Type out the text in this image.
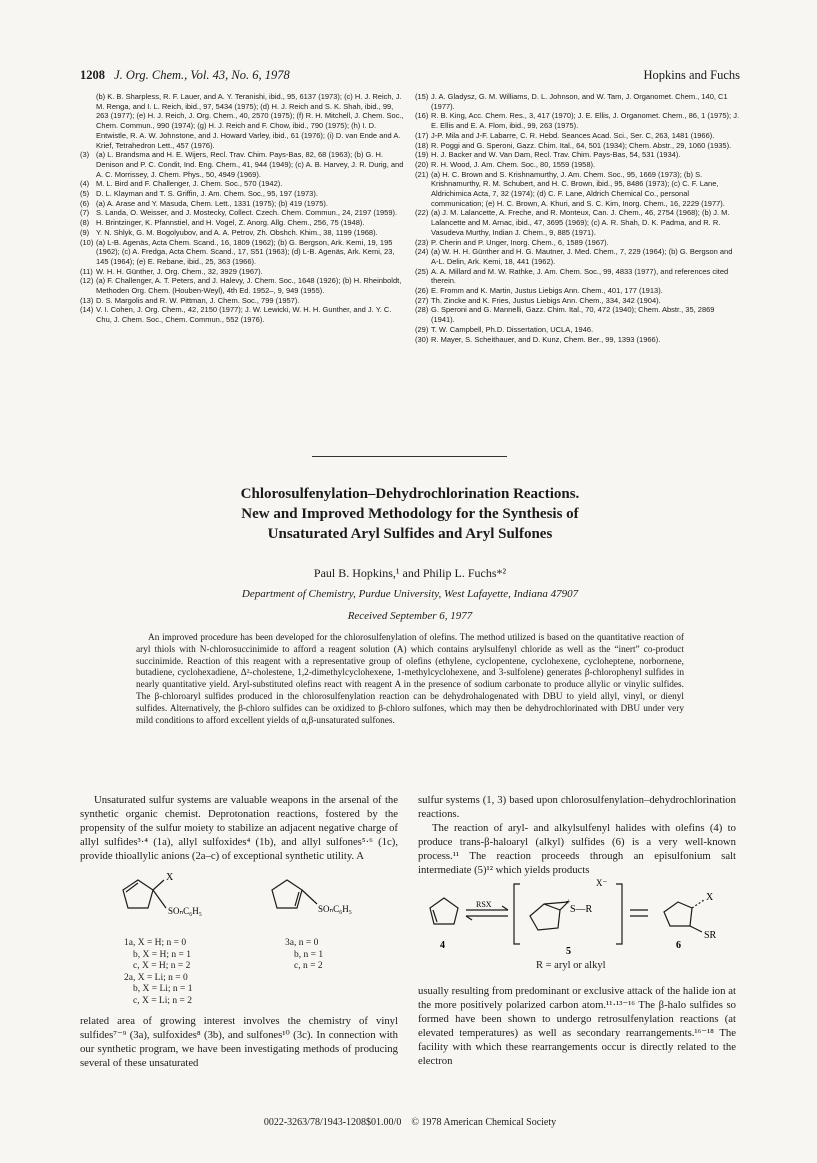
1208 J. Org. Chem., Vol. 43, No. 6, 1978	Hopkins and Fuchs
(b) K. B. Sharpless, R. F. Lauer, and A. Y. Teranishi, ibid., 95, 6137 (1973); (c) H. J. Reich, J. M. Renga, and I. L. Reich, ibid., 97, 5434 (1975); (d) H. J. Reich and S. K. Shah, ibid., 99, 263 (1977); (e) H. J. Reich, J. Org. Chem., 40, 2570 (1975); (f) R. H. Mitchell, J. Chem. Soc., Chem. Commun., 990 (1974); (g) H. J. Reich and F. Chow, ibid., 790 (1975); (h) I. D. Entwistle, R. A. W. Johnstone, and J. Howard Varley, ibid., 61 (1976); (i) D. van Ende and A. Krief, Tetrahedron Lett., 457 (1976).
(3) (a) L. Brandsma and H. E. Wijers, Recl. Trav. Chim. Pays-Bas, 82, 68 (1963); (b) G. H. Denison and P. C. Condit, Ind. Eng. Chem., 41, 944 (1949); (c) A. B. Harvey, J. R. Durig, and A. C. Morrissey, J. Chem. Phys., 50, 4949 (1969).
(4) M. L. Bird and F. Challenger, J. Chem. Soc., 570 (1942).
(5) D. L. Klayman and T. S. Griffin, J. Am. Chem. Soc., 95, 197 (1973).
(6) (a) A. Arase and Y. Masuda, Chem. Lett., 1331 (1975); (b) 419 (1975).
(7) S. Landa, O. Weisser, and J. Mostecky, Collect. Czech. Chem. Commun., 24, 2197 (1959).
(8) H. Brintzinger, K. Pfannstiel, and H. Vogel, Z. Anorg. Allg. Chem., 256, 75 (1948).
(9) Y. N. Shlyk, G. M. Bogolyubov, and A. A. Petrov, Zh. Obshch. Khim., 38, 1199 (1968).
(10) (a) L-B. Agenäs, Acta Chem. Scand., 16, 1809 (1962); (b) G. Bergson, Ark. Kemi, 19, 195 (1962); (c) A. Fredga, Acta Chem. Scand., 17, S51 (1963); (d) L-B. Agenäs, Ark. Kemi, 23, 145 (1964); (e) E. Rebane, ibid., 25, 363 (1966).
(11) W. H. H. Günther, J. Org. Chem., 32, 3929 (1967).
(12) (a) F. Challenger, A. T. Peters, and J. Halevy, J. Chem. Soc., 1648 (1926); (b) H. Rheinboldt, Methoden Org. Chem. (Houben-Weyl), 4th Ed. 1952–, 9, 949 (1955).
(13) D. S. Margolis and R. W. Pittman, J. Chem. Soc., 799 (1957).
(14) V. I. Cohen, J. Org. Chem., 42, 2150 (1977); J. W. Lewicki, W. H. H. Gunther, and J. Y. C. Chu, J. Chem. Soc., Chem. Commun., 552 (1976).
(15) J. A. Gladysz, G. M. Williams, D. L. Johnson, and W. Tam, J. Organomet. Chem., 140, C1 (1977).
(16) R. B. King, Acc. Chem. Res., 3, 417 (1970); J. E. Ellis, J. Organomet. Chem., 86, 1 (1975); J. E. Ellis and E. A. Flom, ibid., 99, 263 (1975).
(17) J-P. Mila and J-F. Labarre, C. R. Hebd. Seances Acad. Sci., Ser. C, 263, 1481 (1966).
(18) R. Poggi and G. Speroni, Gazz. Chim. Ital., 64, 501 (1934); Chem. Abstr., 29, 1060 (1935).
(19) H. J. Backer and W. Van Dam, Recl. Trav. Chim. Pays-Bas, 54, 531 (1934).
(20) R. H. Wood, J. Am. Chem. Soc., 80, 1559 (1958).
(21) (a) H. C. Brown and S. Krishnamurthy, J. Am. Chem. Soc., 95, 1669 (1973); (b) S. Krishnamurthy, R. M. Schubert, and H. C. Brown, ibid., 95, 8486 (1973); (c) C. F. Lane, Aldrichimica Acta, 7, 32 (1974); (d) C. F. Lane, Aldrich Chemical Co., personal communication; (e) H. C. Brown, A. Khuri, and S. C. Kim, Inorg. Chem., 16, 2229 (1977).
(22) (a) J. M. Lalancette, A. Freche, and R. Monteux, Can. J. Chem., 46, 2754 (1968); (b) J. M. Lalancette and M. Arnac, ibid., 47, 3695 (1969); (c) A. R. Shah, D. K. Padma, and R. R. Vasudeva Murthy, Indian J. Chem., 9, 885 (1971).
(23) P. Cherin and P. Unger, Inorg. Chem., 6, 1589 (1967).
(24) (a) W. H. H. Günther and H. G. Mautner, J. Med. Chem., 7, 229 (1964); (b) G. Bergson and A-L. Delin, Ark. Kemi, 18, 441 (1962).
(25) A. A. Millard and M. W. Rathke, J. Am. Chem. Soc., 99, 4833 (1977), and references cited therein.
(26) E. Fromm and K. Martin, Justus Liebigs Ann. Chem., 401, 177 (1913).
(27) Th. Zincke and K. Fries, Justus Liebigs Ann. Chem., 334, 342 (1904).
(28) G. Speroni and G. Mannelli, Gazz. Chim. Ital., 70, 472 (1940); Chem. Abstr., 35, 2869 (1941).
(29) T. W. Campbell, Ph.D. Dissertation, UCLA, 1946.
(30) R. Mayer, S. Scheithauer, and D. Kunz, Chem. Ber., 99, 1393 (1966).
Chlorosulfenylation–Dehydrochlorination Reactions.
New and Improved Methodology for the Synthesis of
Unsaturated Aryl Sulfides and Aryl Sulfones
Paul B. Hopkins,¹ and Philip L. Fuchs*²
Department of Chemistry, Purdue University, West Lafayette, Indiana 47907
Received September 6, 1977
An improved procedure has been developed for the chlorosulfenylation of olefins. The method utilized is based on the quantitative reaction of aryl thiols with N-chlorosuccinimide to afford a reagent solution (A) which contains arylsulfenyl chloride as well as the “inert” co-product succinimide. Reaction of this reagent with a representative group of olefins (ethylene, cyclopentene, cyclohexene, cycloheptene, norbornene, butadiene, cyclohexadiene, Δ²-cholestene, 1,2-dimethylcyclohexene, 1-methylcyclohexene, and 3-sulfolene) generates β-chlorophenyl sulfides in nearly quantitative yield. Aryl-substituted olefins react with reagent A in the presence of sodium carbonate to produce allylic or vinylic sulfides. The β-chloroaryl sulfides produced in the chlorosulfenylation reaction can be dehydrohalogenated with DBU to yield allyl, vinyl, or dienyl sulfides. Alternatively, the β-chloro sulfides can be oxidized to β-chloro sulfones, which may then be dehydrochlorinated with DBU under very mild conditions to afford excellent yields of α,β-unsaturated sulfones.

Unsaturated sulfur systems are valuable weapons in the arsenal of the synthetic organic chemist. Deprotonation reactions, fostered by the propensity of the sulfur moiety to stabilize an adjacent negative charge of allyl sulfides³·⁴ (1a), allyl sulfoxides⁴ (1b), and allyl sulfones⁵·⁶ (1c), provide thioallylic anions (2a–c) of exceptional synthetic utility. A

X
SOₙC₆H₅
1a, X = H; n = 0
b, X = H; n = 1
c, X = H; n = 2
2a, X = Li; n = 0
b, X = Li; n = 1
c, X = Li; n = 2
SOₙC₆H₅
3a, n = 0
b, n = 1
c, n = 2

related area of growing interest involves the chemistry of vinyl sulfides⁷⁻⁹ (3a), sulfoxides⁸ (3b), and sulfones¹⁰ (3c). In connection with our synthetic program, we have been investigating methods of producing several of these unsaturated

sulfur systems (1, 3) based upon chlorosulfenylation–dehydrochlorination reactions.

The reaction of aryl- and alkylsulfenyl halides with olefins (4) to produce trans-β-haloaryl (alkyl) sulfides (6) is a very well-known process.¹¹ The reaction proceeds through an episulfonium salt intermediate (5)¹² which yields products

RSX
X⁻
+
S—R
X
SR
4
5
6
R = aryl or alkyl

usually resulting from predominant or exclusive attack of the halide ion at the more positively polarized carbon atom.¹¹·¹³⁻¹⁶ The β-halo sulfides so formed have been shown to undergo retrosulfenylation reactions (at elevated temperatures) as well as secondary rearrangements.¹⁶⁻¹⁸ The facility with which these rearrangements occur is directly related to the electron

0022-3263/78/1943-1208$01.00/0 © 1978 American Chemical Society
